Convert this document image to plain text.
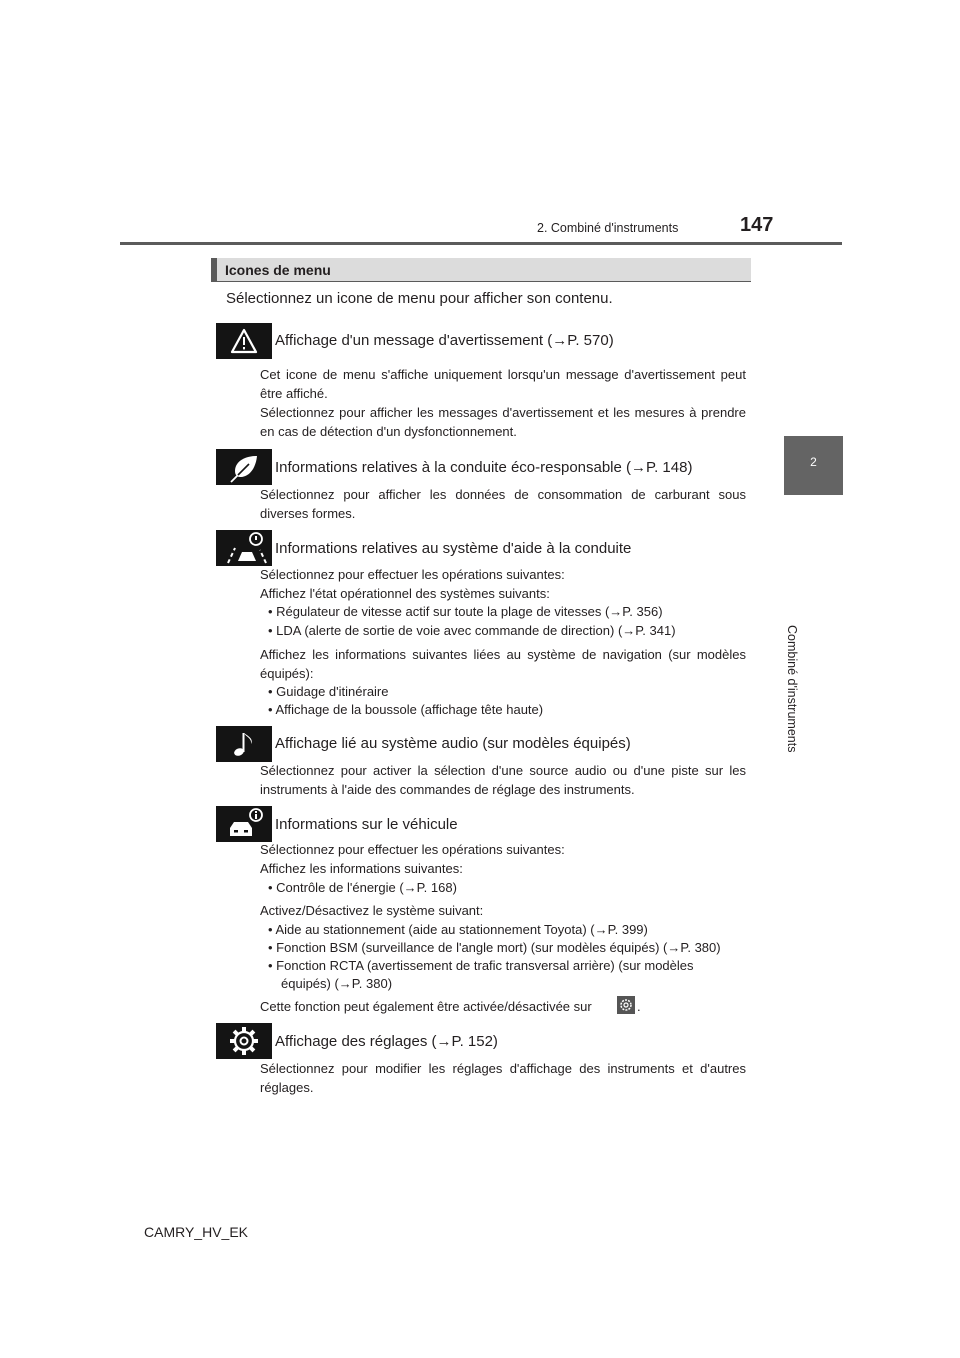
2. Combiné d'instruments	147
2
Combiné d'instruments
Icones de menu
Sélectionnez un icone de menu pour afficher son contenu.
Affichage d'un message d'avertissement (→P. 570)
Cet icone de menu s'affiche uniquement lorsqu'un message d'avertissement peut être affiché.
Sélectionnez pour afficher les messages d'avertissement et les mesures à prendre en cas de détection d'un dysfonctionnement.
Informations relatives à la conduite éco-responsable (→P. 148)
Sélectionnez pour afficher les données de consommation de carburant sous diverses formes.
Informations relatives au système d'aide à la conduite
Sélectionnez pour effectuer les opérations suivantes:
Affichez l'état opérationnel des systèmes suivants:
• Régulateur de vitesse actif sur toute la plage de vitesses (→P. 356)
• LDA (alerte de sortie de voie avec commande de direction) (→P. 341)
Affichez les informations suivantes liées au système de navigation (sur modèles équipés):
• Guidage d'itinéraire
• Affichage de la boussole (affichage tête haute)
Affichage lié au système audio (sur modèles équipés)
Sélectionnez pour activer la sélection d'une source audio ou d'une piste sur les instruments à l'aide des commandes de réglage des instruments.
Informations sur le véhicule
Sélectionnez pour effectuer les opérations suivantes:
Affichez les informations suivantes:
• Contrôle de l'énergie (→P. 168)
Activez/Désactivez le système suivant:
• Aide au stationnement (aide au stationnement Toyota) (→P. 399)
• Fonction BSM (surveillance de l'angle mort) (sur modèles équipés) (→P. 380)
• Fonction RCTA (avertissement de trafic transversal arrière) (sur modèles
équipés) (→P. 380)
Cette fonction peut également être activée/désactivée sur	.
Affichage des réglages (→P. 152)
Sélectionnez pour modifier les réglages d'affichage des instruments et d'autres réglages.
CAMRY_HV_EK
